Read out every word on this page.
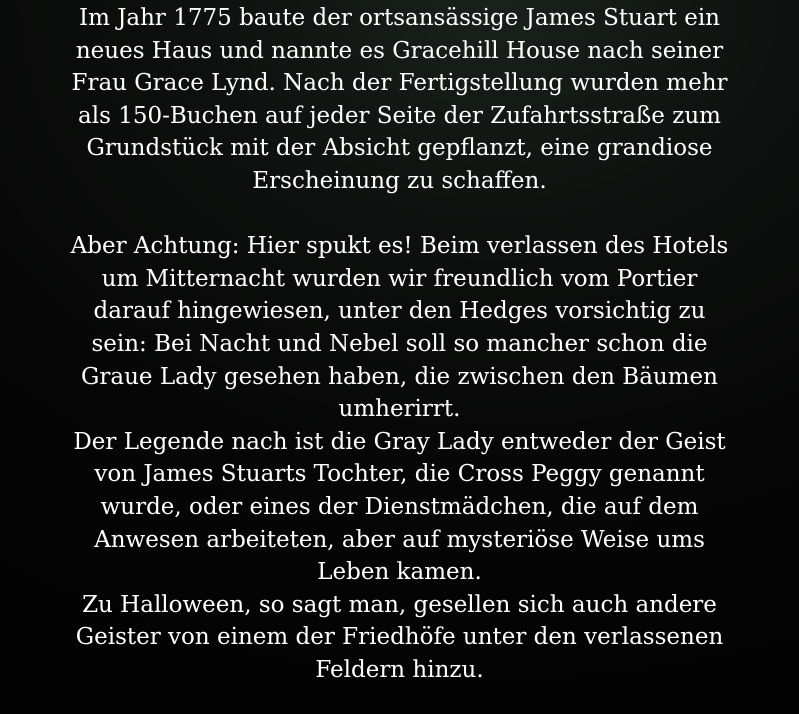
Im Jahr 1775 baute der ortsansässige James Stuart ein
neues Haus und nannte es Gracehill House nach seiner
Frau Grace Lynd. Nach der Fertigstellung wurden mehr
als 150-Buchen auf jeder Seite der Zufahrtsstraße zum
Grundstück mit der Absicht gepflanzt, eine grandiose
Erscheinung zu schaffen.
Aber Achtung: Hier spukt es! Beim verlassen des Hotels
um Mitternacht wurden wir freundlich vom Portier
darauf hingewiesen, unter den Hedges vorsichtig zu
sein: Bei Nacht und Nebel soll so mancher schon die
Graue Lady gesehen haben, die zwischen den Bäumen
umherirrt.
Der Legende nach ist die Gray Lady entweder der Geist
von James Stuarts Tochter, die Cross Peggy genannt
wurde, oder eines der Dienstmädchen, die auf dem
Anwesen arbeiteten, aber auf mysteriöse Weise ums
Leben kamen.
Zu Halloween, so sagt man, gesellen sich auch andere
Geister von einem der Friedhöfe unter den verlassenen
Feldern hinzu.
